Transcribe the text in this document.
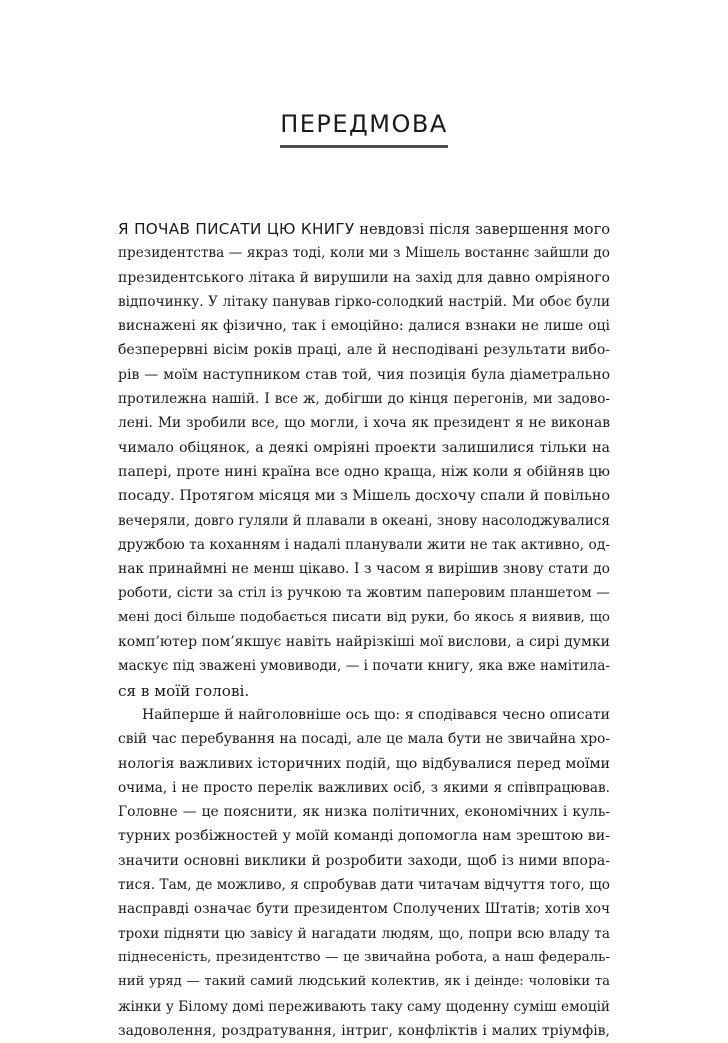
ПЕРЕДМОВА
Я ПОЧАВ ПИСАТИ ЦЮ КНИГУ невдовзі після завершення мого
президентства — якраз тоді, коли ми з Мішель востаннє зайшли до
президентського літака й вирушили на захід для давно омріяного
відпочинку. У літаку панував гірко-солодкий настрій. Ми обоє були
виснажені як фізично, так і емоційно: далися взнаки не лише оці
безперервні вісім років праці, але й несподівані результати вибо-
рів — моїм наступником став той, чия позиція була діаметрально
протилежна нашій. І все ж, добігши до кінця перегонів, ми задово-
лені. Ми зробили все, що могли, і хоча як президент я не виконав
чимало обіцянок, а деякі омріяні проекти залишилися тільки на
папері, проте нині країна все одно краща, ніж коли я обійняв цю
посаду. Протягом місяця ми з Мішель досхочу спали й повільно
вечеряли, довго гуляли й плавали в океані, знову насолоджувалися
дружбою та коханням і надалі планували жити не так активно, од-
нак принаймні не менш цікаво. І з часом я вирішив знову стати до
роботи, сісти за стіл із ручкою та жовтим паперовим планшетом —
мені досі більше подобається писати від руки, бо якось я виявив, що
комп’ютер пом’якшує навіть найрізкіші мої вислови, а сирі думки
маскує під зважені умовиводи, — і почати книгу, яка вже намітила-
ся в моїй голові.
Найперше й найголовніше ось що: я сподівався чесно описати
свій час перебування на посаді, але це мала бути не звичайна хро-
нологія важливих історичних подій, що відбувалися перед моїми
очима, і не просто перелік важливих осіб, з якими я співпрацював.
Головне — це пояснити, як низка політичних, економічних і куль-
турних розбіжностей у моїй команді допомогла нам зрештою ви-
значити основні виклики й розробити заходи, щоб із ними впора-
тися. Там, де можливо, я спробував дати читачам відчуття того, що
насправді означає бути президентом Сполучених Штатів; хотів хоч
трохи підняти цю завісу й нагадати людям, що, попри всю владу та
піднесеність, президентство — це звичайна робота, а наш федераль-
ний уряд — такий самий людський колектив, як і деінде: чоловіки та
жінки у Білому домі переживають таку саму щоденну суміш емоцій
задоволення, роздратування, інтриг, конфліктів і малих тріумфів,
